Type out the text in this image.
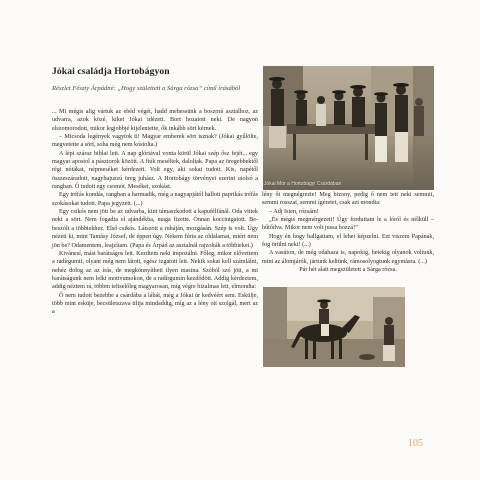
Jókai családja Hortobágyon
Részlet Fészty Árpádné: „Hogy születtett a Sárga rózsa” című írásából

... Mi mégis alig vártuk az ebéd végét, hadd mehessünk a boszorá asztalhoz, az udvarra, azok közé, kiket Jókai idézett. Bort hozatott neki. De nagyon elszomorodott, mikor legjobbjé kijelentette, ők inkább sört kérnek.

– Micsoda legények vagytok ti! Magyar emberek sört isznak? (Jókai gyűlölte, megvetette a sört, soha meg nem kóstolta.)

A lépi száraz biblai lett. A nap glóriával vonta körül Jókai szép ősz fejét... egy magyar apostol a pásztorok között. A fiúk meséltek, daloltak. Papa az öregebbektől régi nótákat, népmeséket kérdezett. Volt egy, aki sokat tudott. Kis, napétől összeszáradott, nagybajuszú öreg juhász. A Hortobágy törvényei szerint utolsó a rangban. Ő tudott egy csomót. Meséket, szokást.

Egy tréfás kondás, rangban a harmadik, még a nagyapjától hallott paprikás tréfás szokásokat tudott. Papa jegyzett. (...)

Egy csikós nem jött be az udvarba, kint támaszkodott a kapufélfánál. Oda vittek neki a sört. Nem fogadta el ajándékba, maga fizette. Ónnan koccintgatott. Be-beszólt a többiekhez. Első csikós. Látszott a ruháján, mozgásán. Szép is volt. Úgy nézett ki, mint Tamásy József, de éppen úgy. Nekem fúrta az oldalamat, miért nem jön be? Odamentem, leajzítam. (Papa és Árpád az asztalnál rajzolták a többieket.)

Kivánesí, mást barátságos lett. Kezdtem neki impozálni. Főleg, mikor elővettem a radírgumit, olyant még nem látott, egész izgatott lett. Nekik sokat kell számlálni, nehéz dolog az az írás, de megkönnyítheti ilyen masina. Szóból szó jött, a mi barátságunk nem lelki motivumokon, de a radírgumin kezdődött. Addig kérdeztem, addig néztem rá, többm teltselőleg magyarosan, míg végre bizalmas lett, elmondta:

Ő nem tudott bezebbe a csárdába a lábát, még a Jókai úr kedvéért sem. Eskülje, több mint esküje, becsületszava tiltja mindaddig, míg az a lény ott szolgál, mert az a

Jókai Mór a Hortobágyi Csárdában

lény őt megnégrezte! Meg bizony, pedig ő nem tett neki semmit, semmi rosszat, semmi ígéretet, csak azt mondta:

– Adj Isten, rózsám!

„És mégis megmérgezett! Úgy forduttam le a lóról és nélküll – hűtődva. Mikor nem volt jussa hozzá!”

Hogy én hogy hallgattam, el lehet képzelni. Ezt viszem Papának, fog örülni neki! (...)

A vasúton, de még odahaza is, napokig, hetekig olyanok voltunk, mint az álomjárók, jártunk keltünk, rámosolyogtunk egymásra. (...)

Pár hét alatt megszületett a Sárga rózsa.

105
